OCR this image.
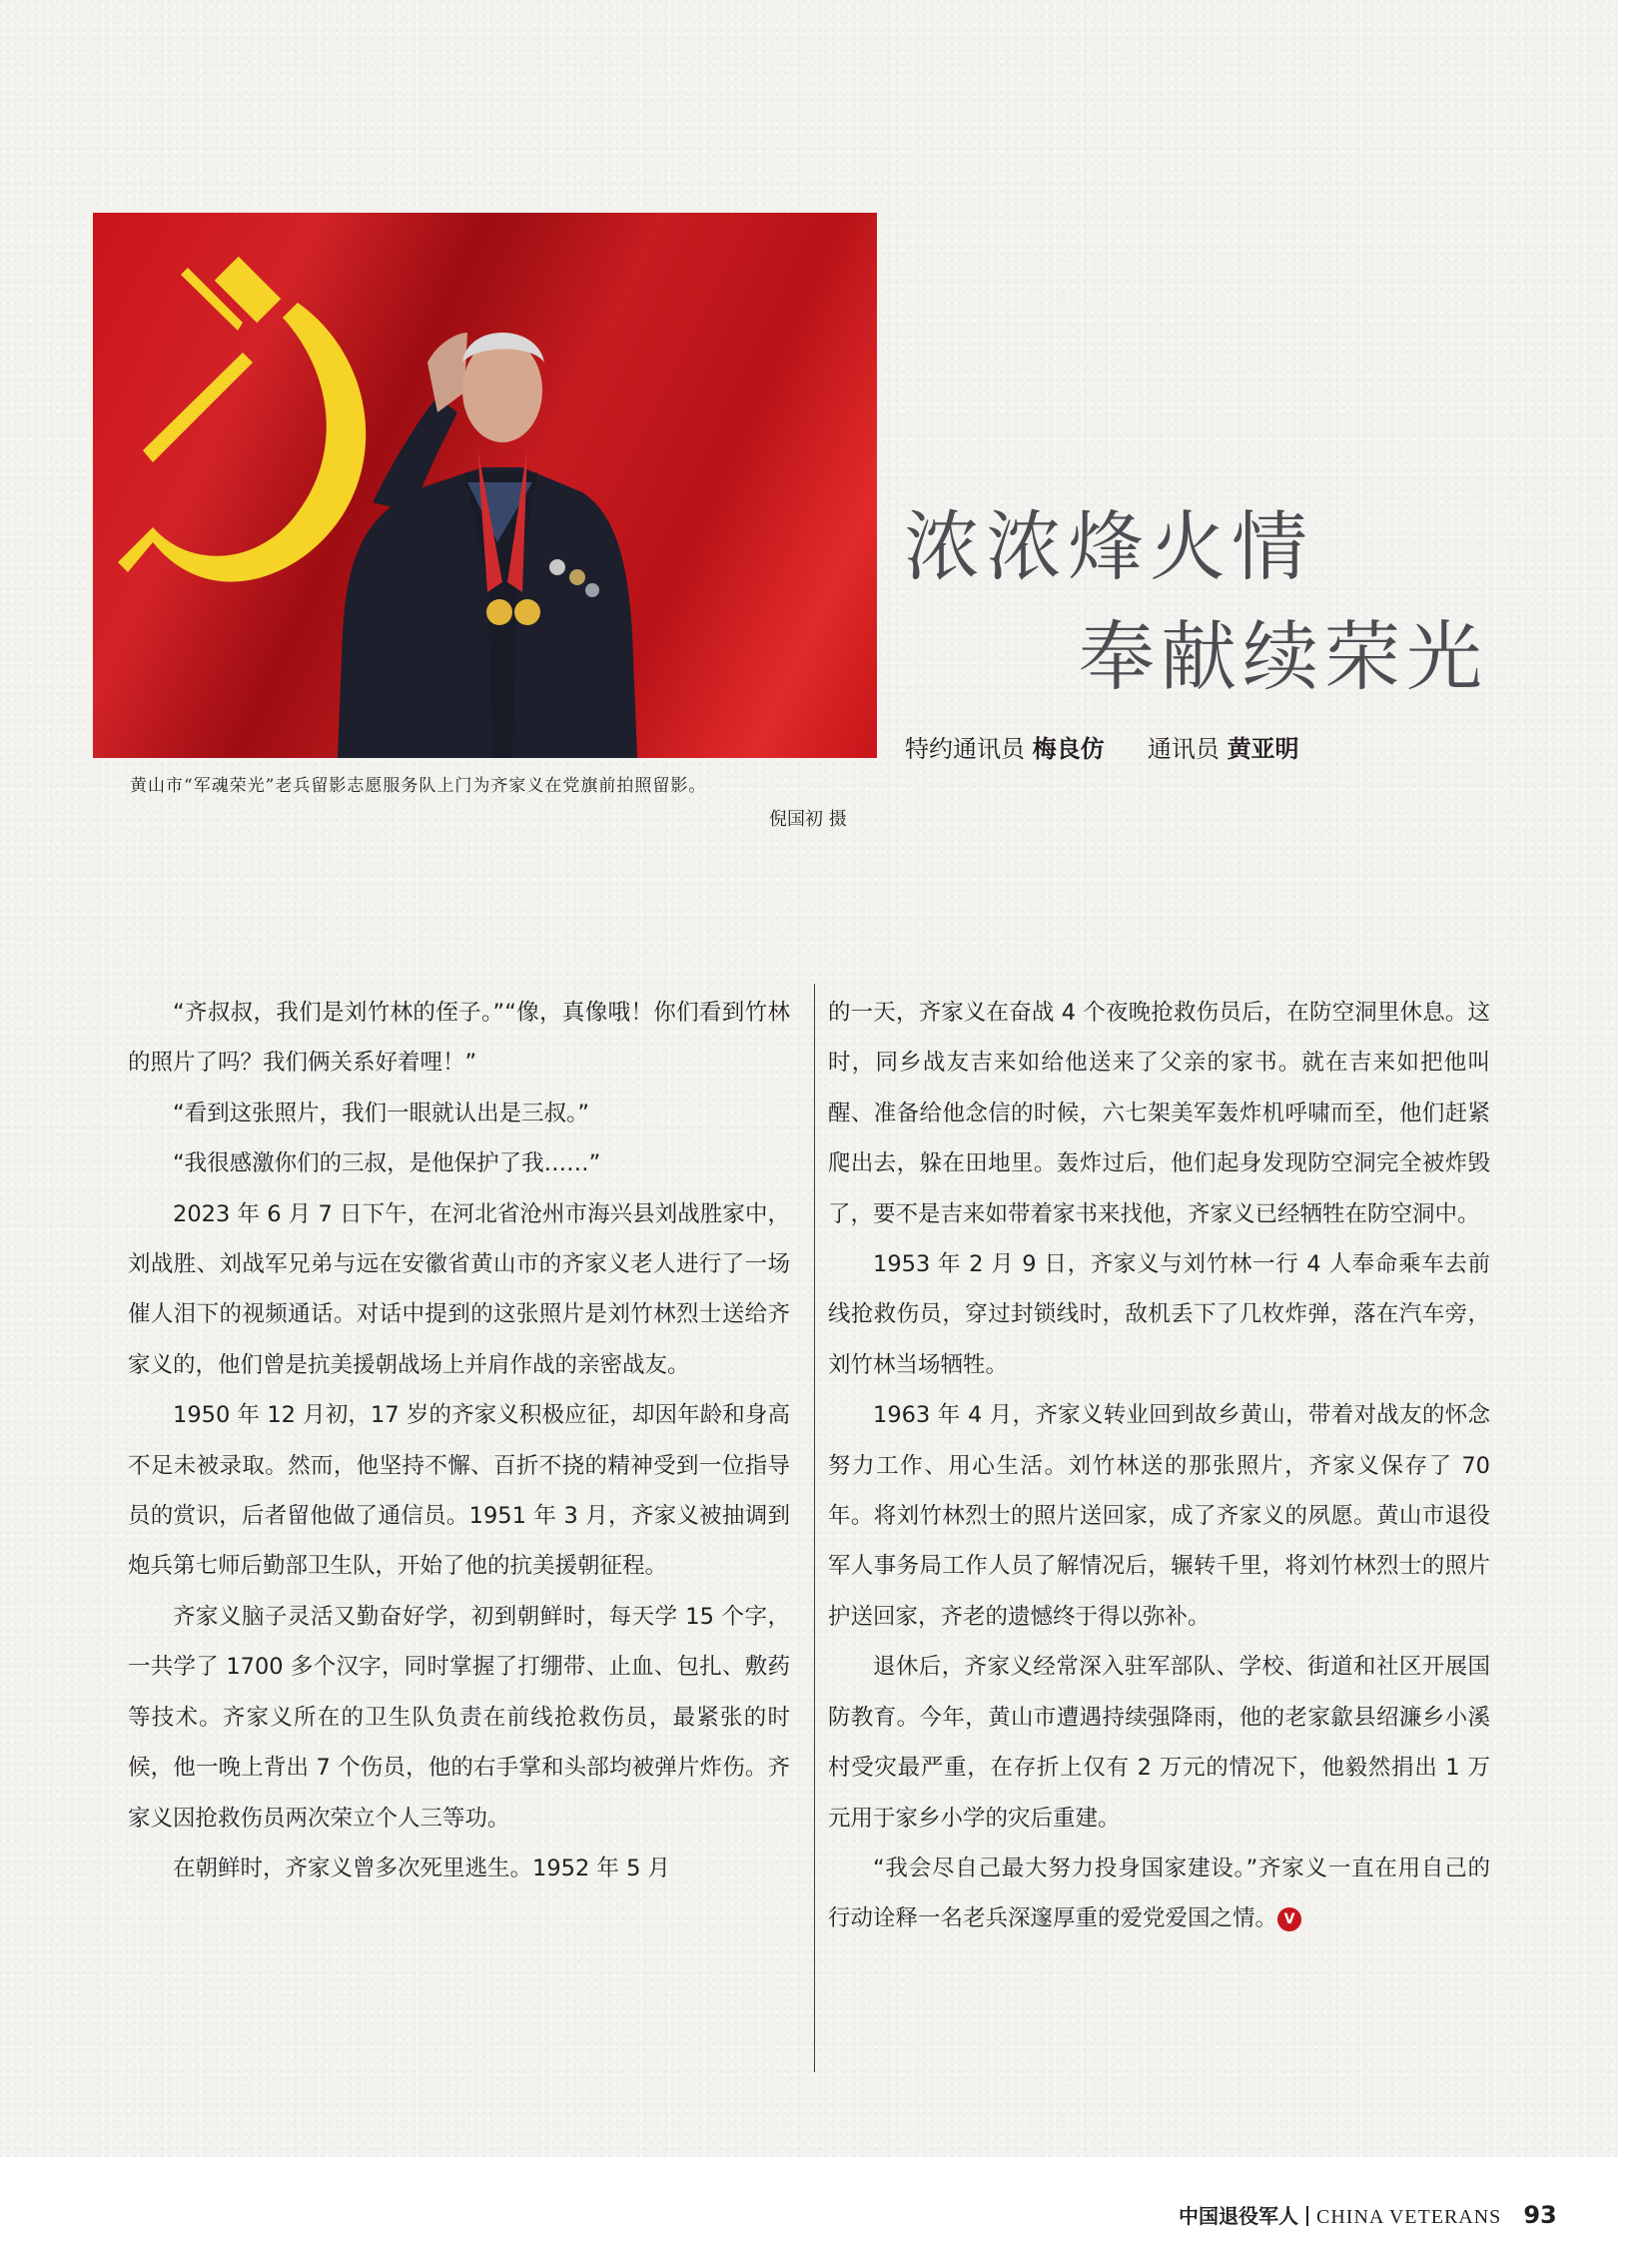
黄山市“军魂荣光”老兵留影志愿服务队上门为齐家义在党旗前拍照留影。
倪国初 摄
浓浓烽火情
奉献续荣光
特约通讯员 梅良仿 通讯员 黄亚明

“齐叔叔，我们是刘竹林的侄子。”“像，真像哦！你们看到竹林的照片了吗？我们俩关系好着哩！”

“看到这张照片，我们一眼就认出是三叔。”

“我很感激你们的三叔，是他保护了我……”

2023 年 6 月 7 日下午，在河北省沧州市海兴县刘战胜家中，刘战胜、刘战军兄弟与远在安徽省黄山市的齐家义老人进行了一场催人泪下的视频通话。对话中提到的这张照片是刘竹林烈士送给齐家义的，他们曾是抗美援朝战场上并肩作战的亲密战友。

1950 年 12 月初，17 岁的齐家义积极应征，却因年龄和身高不足未被录取。然而，他坚持不懈、百折不挠的精神受到一位指导员的赏识，后者留他做了通信员。1951 年 3 月，齐家义被抽调到炮兵第七师后勤部卫生队，开始了他的抗美援朝征程。

齐家义脑子灵活又勤奋好学，初到朝鲜时，每天学 15 个字，一共学了 1700 多个汉字，同时掌握了打绷带、止血、包扎、敷药等技术。齐家义所在的卫生队负责在前线抢救伤员，最紧张的时候，他一晚上背出 7 个伤员，他的右手掌和头部均被弹片炸伤。齐家义因抢救伤员两次荣立个人三等功。

在朝鲜时，齐家义曾多次死里逃生。1952 年 5 月

的一天，齐家义在奋战 4 个夜晚抢救伤员后，在防空洞里休息。这时，同乡战友吉来如给他送来了父亲的家书。就在吉来如把他叫醒、准备给他念信的时候，六七架美军轰炸机呼啸而至，他们赶紧爬出去，躲在田地里。轰炸过后，他们起身发现防空洞完全被炸毁了，要不是吉来如带着家书来找他，齐家义已经牺牲在防空洞中。

1953 年 2 月 9 日，齐家义与刘竹林一行 4 人奉命乘车去前线抢救伤员，穿过封锁线时，敌机丢下了几枚炸弹，落在汽车旁，刘竹林当场牺牲。

1963 年 4 月，齐家义转业回到故乡黄山，带着对战友的怀念努力工作、用心生活。刘竹林送的那张照片，齐家义保存了 70 年。将刘竹林烈士的照片送回家，成了齐家义的夙愿。黄山市退役军人事务局工作人员了解情况后，辗转千里，将刘竹林烈士的照片护送回家，齐老的遗憾终于得以弥补。

退休后，齐家义经常深入驻军部队、学校、街道和社区开展国防教育。今年，黄山市遭遇持续强降雨，他的老家歙县绍濂乡小溪村受灾最严重，在存折上仅有 2 万元的情况下，他毅然捐出 1 万元用于家乡小学的灾后重建。

“我会尽自己最大努力投身国家建设。”齐家义一直在用自己的行动诠释一名老兵深邃厚重的爱党爱国之情。 V

中国退役军人 CHINA VETERANS 93
